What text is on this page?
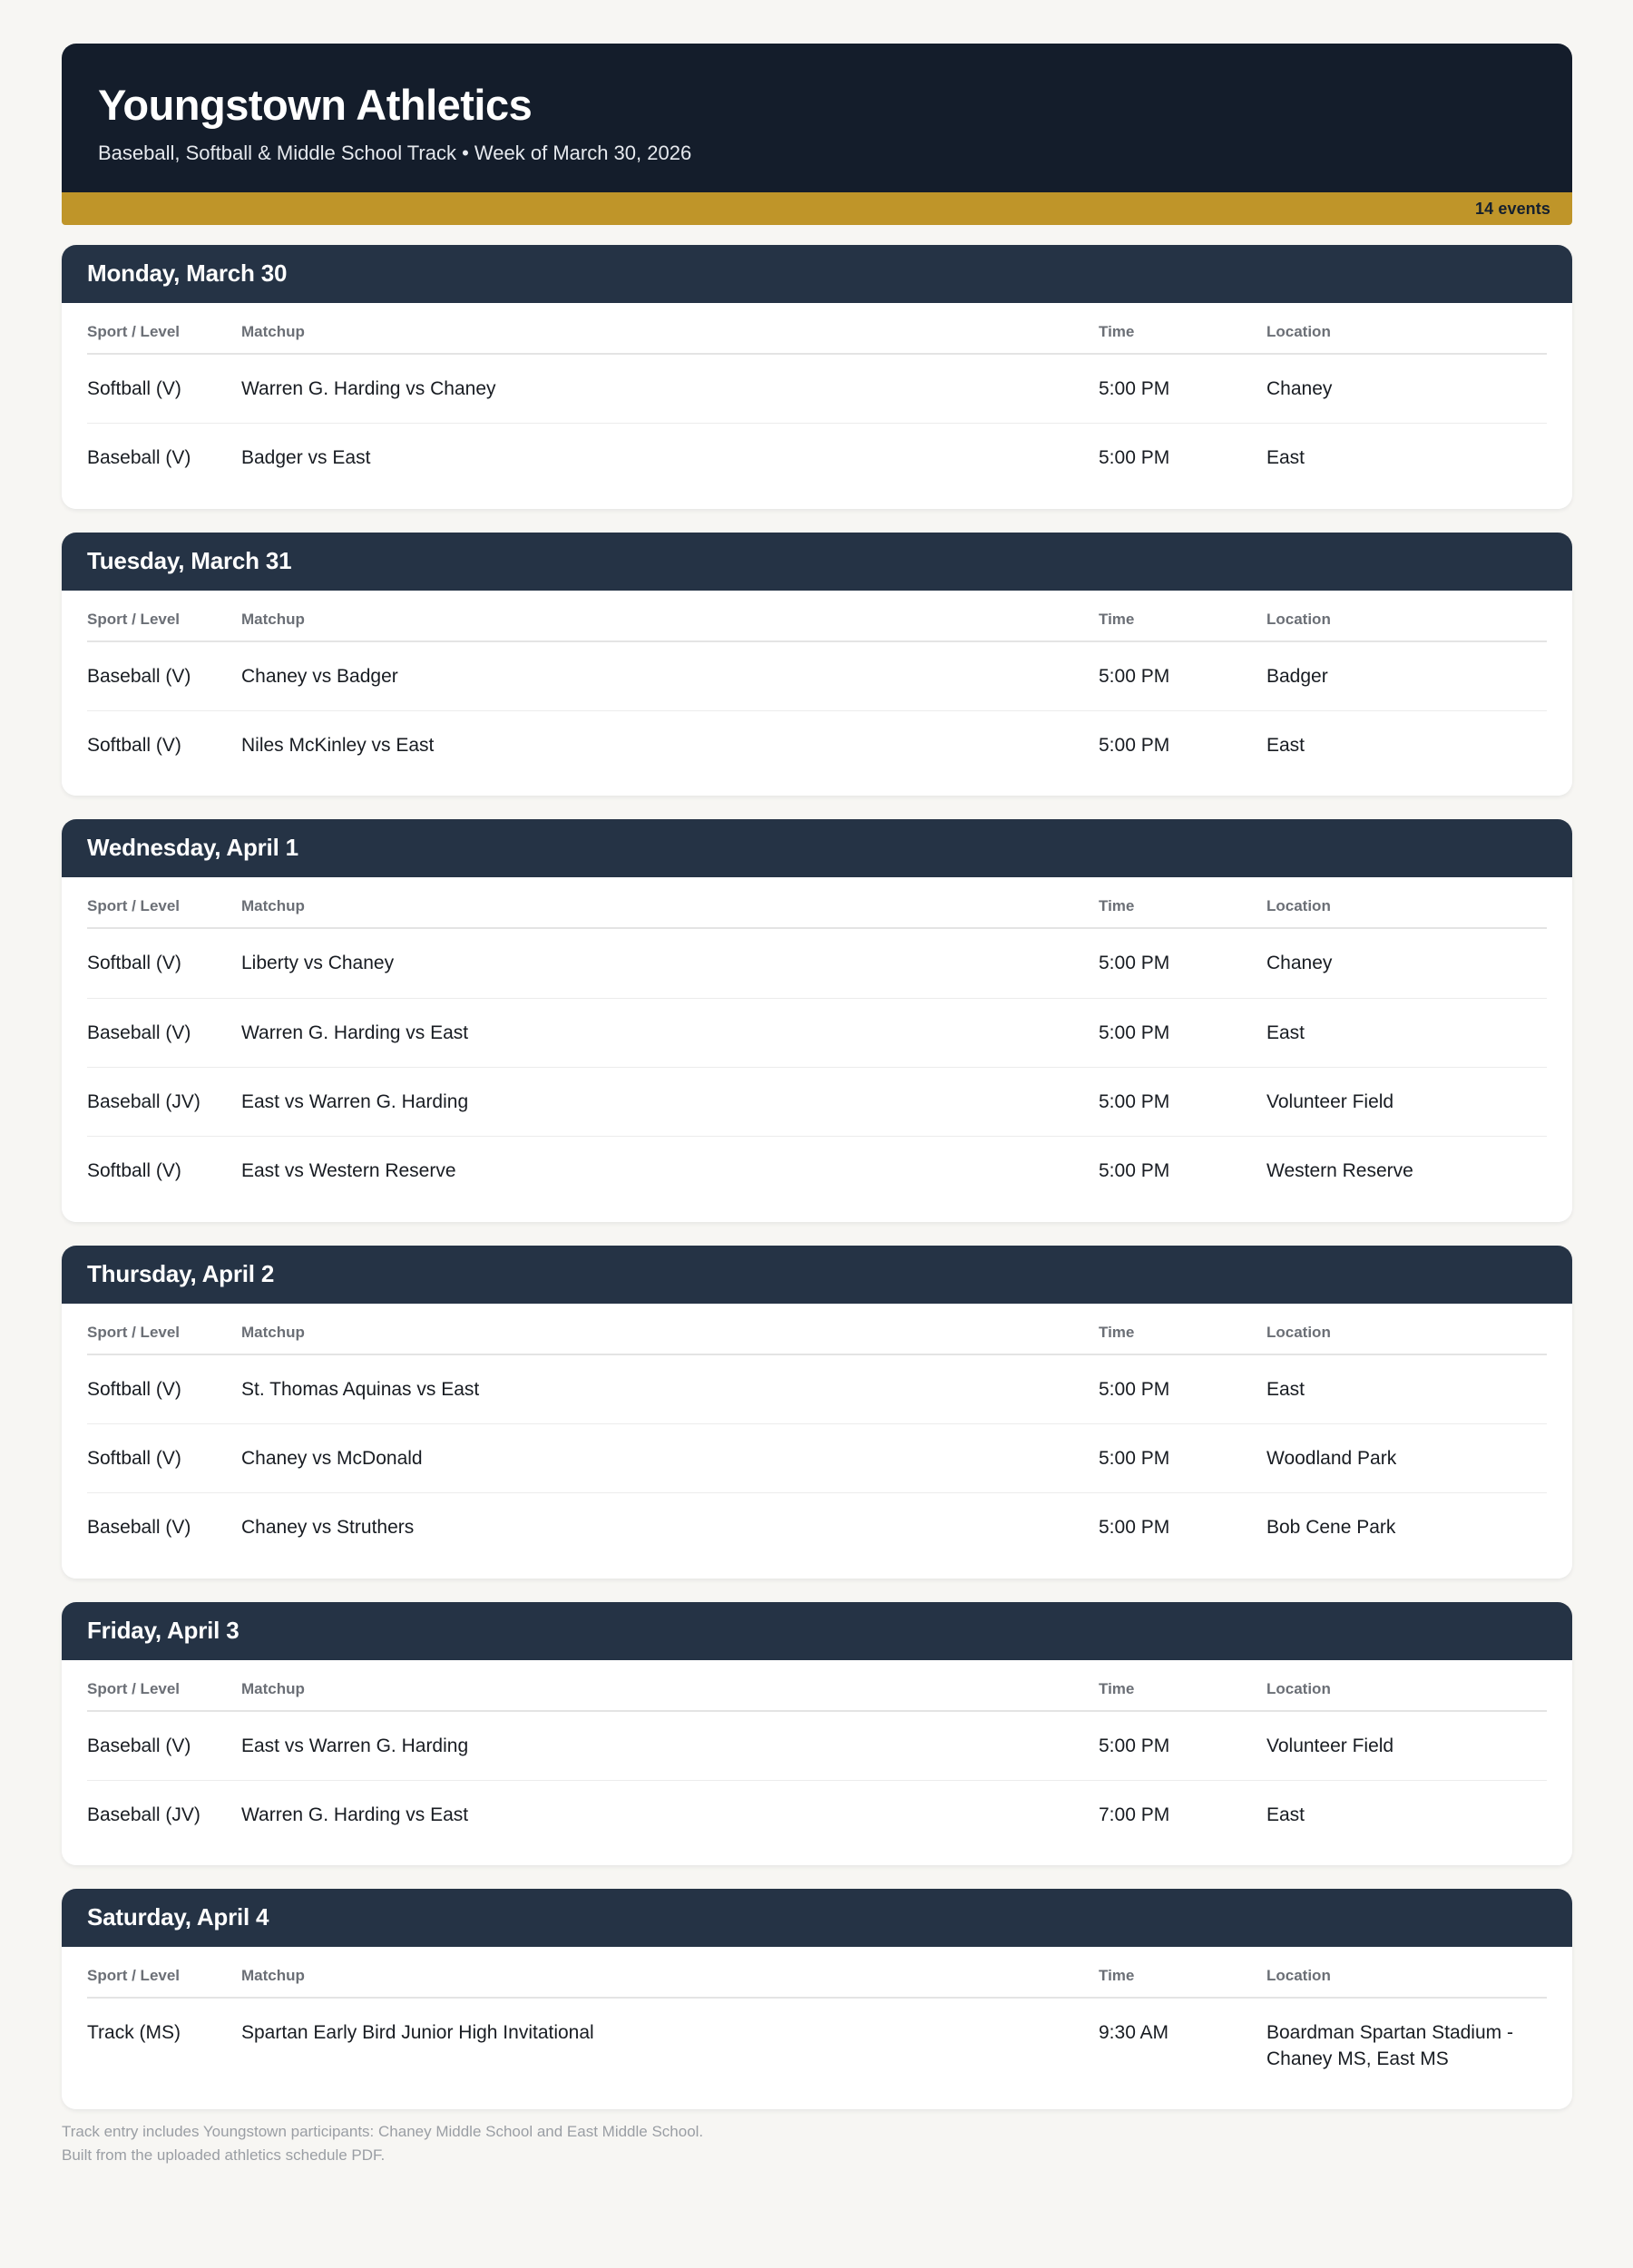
Youngstown Athletics
Baseball, Softball & Middle School Track • Week of March 30, 2026
14 events
Monday, March 30
Sport / Level	Matchup	Time	Location
Softball (V)	Warren G. Harding vs Chaney	5:00 PM	Chaney
Baseball (V)	Badger vs East	5:00 PM	East
Tuesday, March 31
Sport / Level	Matchup	Time	Location
Baseball (V)	Chaney vs Badger	5:00 PM	Badger
Softball (V)	Niles McKinley vs East	5:00 PM	East
Wednesday, April 1
Sport / Level	Matchup	Time	Location
Softball (V)	Liberty vs Chaney	5:00 PM	Chaney
Baseball (V)	Warren G. Harding vs East	5:00 PM	East
Baseball (JV)	East vs Warren G. Harding	5:00 PM	Volunteer Field
Softball (V)	East vs Western Reserve	5:00 PM	Western Reserve
Thursday, April 2
Sport / Level	Matchup	Time	Location
Softball (V)	St. Thomas Aquinas vs East	5:00 PM	East
Softball (V)	Chaney vs McDonald	5:00 PM	Woodland Park
Baseball (V)	Chaney vs Struthers	5:00 PM	Bob Cene Park
Friday, April 3
Sport / Level	Matchup	Time	Location
Baseball (V)	East vs Warren G. Harding	5:00 PM	Volunteer Field
Baseball (JV)	Warren G. Harding vs East	7:00 PM	East
Saturday, April 4
Sport / Level	Matchup	Time	Location
Track (MS)	Spartan Early Bird Junior High Invitational	9:30 AM	Boardman Spartan Stadium - Chaney MS, East MS
Track entry includes Youngstown participants: Chaney Middle School and East Middle School.
Built from the uploaded athletics schedule PDF.
